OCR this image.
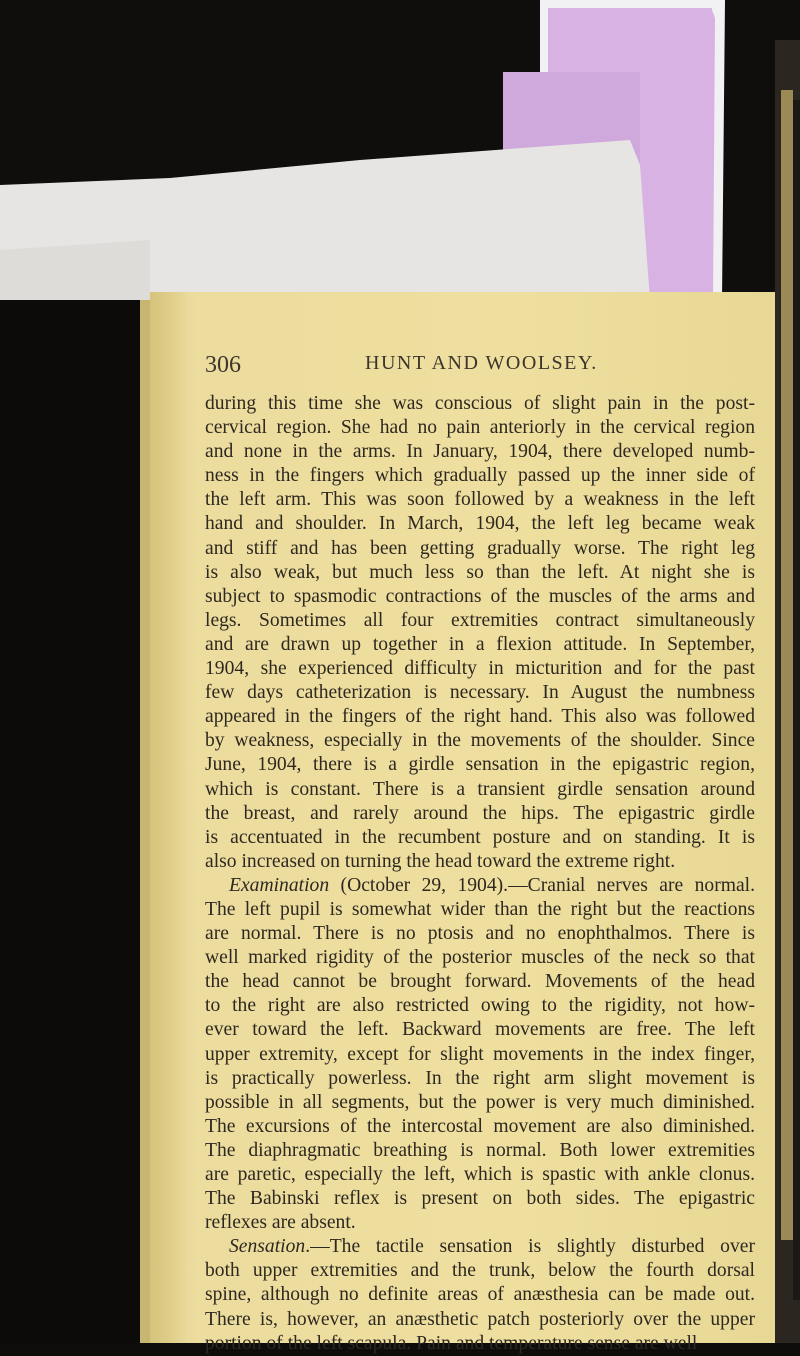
306	HUNT AND WOOLSEY.
during this time she was conscious of slight pain in the post-
cervical region. She had no pain anteriorly in the cervical region
and none in the arms. In January, 1904, there developed numb-
ness in the fingers which gradually passed up the inner side of
the left arm. This was soon followed by a weakness in the left
hand and shoulder. In March, 1904, the left leg became weak
and stiff and has been getting gradually worse. The right leg
is also weak, but much less so than the left. At night she is
subject to spasmodic contractions of the muscles of the arms and
legs. Sometimes all four extremities contract simultaneously
and are drawn up together in a flexion attitude. In September,
1904, she experienced difficulty in micturition and for the past
few days catheterization is necessary. In August the numbness
appeared in the fingers of the right hand. This also was followed
by weakness, especially in the movements of the shoulder. Since
June, 1904, there is a girdle sensation in the epigastric region,
which is constant. There is a transient girdle sensation around
the breast, and rarely around the hips. The epigastric girdle
is accentuated in the recumbent posture and on standing. It is
also increased on turning the head toward the extreme right.
Examination (October 29, 1904).—Cranial nerves are normal.
The left pupil is somewhat wider than the right but the reactions
are normal. There is no ptosis and no enophthalmos. There is
well marked rigidity of the posterior muscles of the neck so that
the head cannot be brought forward. Movements of the head
to the right are also restricted owing to the rigidity, not how-
ever toward the left. Backward movements are free. The left
upper extremity, except for slight movements in the index finger,
is practically powerless. In the right arm slight movement is
possible in all segments, but the power is very much diminished.
The excursions of the intercostal movement are also diminished.
The diaphragmatic breathing is normal. Both lower extremities
are paretic, especially the left, which is spastic with ankle clonus.
The Babinski reflex is present on both sides. The epigastric
reflexes are absent.
Sensation.—The tactile sensation is slightly disturbed over
both upper extremities and the trunk, below the fourth dorsal
spine, although no definite areas of anæsthesia can be made out.
There is, however, an anæsthetic patch posteriorly over the upper
portion of the left scapula. Pain and temperature sense are well
